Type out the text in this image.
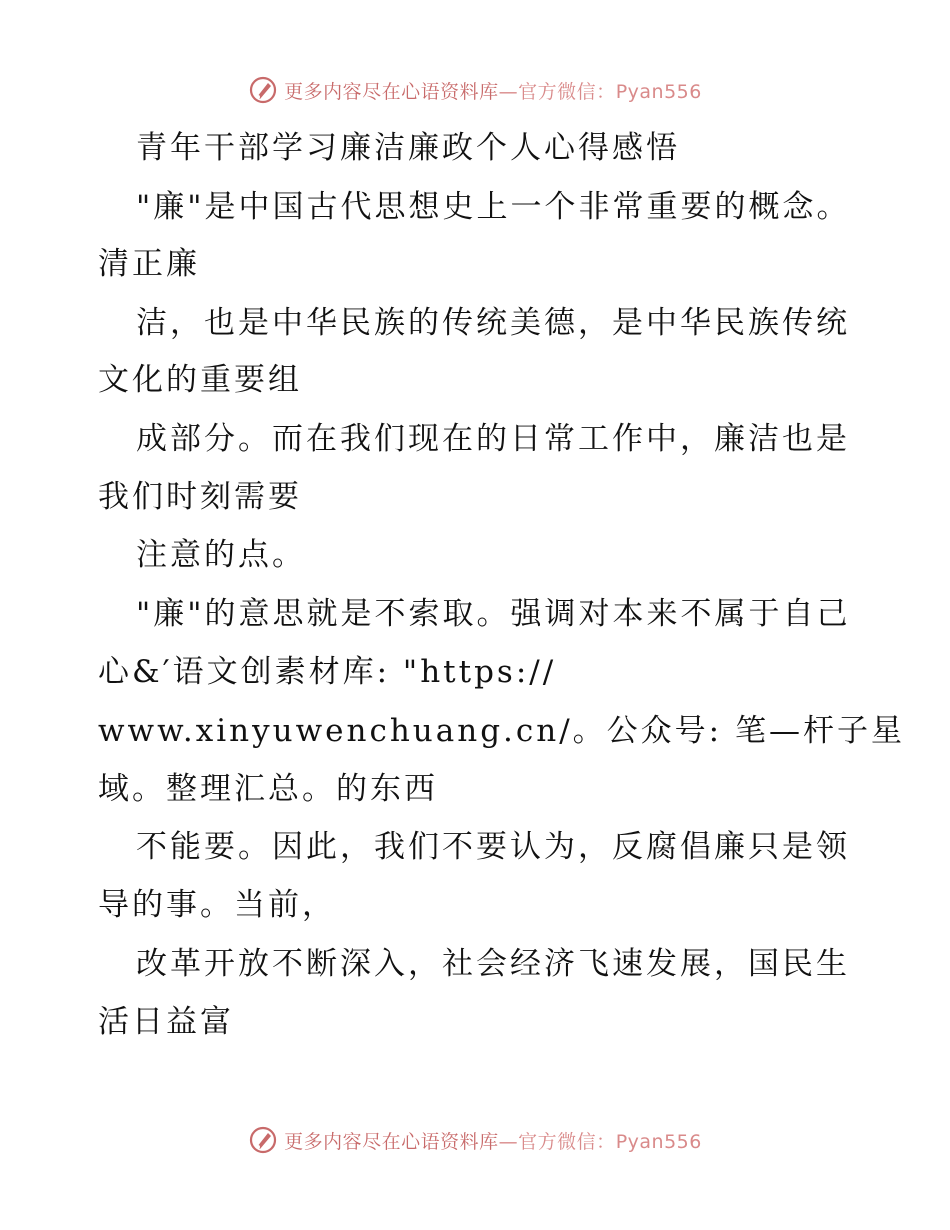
更多内容尽在心语资料库—官方微信：Pyan556
青年干部学习廉洁廉政个人心得感悟
"廉"是中国古代思想史上一个非常重要的概念。
清正廉
洁，也是中华民族的传统美德，是中华民族传统
文化的重要组
成部分。而在我们现在的日常工作中，廉洁也是
我们时刻需要
注意的点。
"廉"的意思就是不索取。强调对本来不属于自己
心&′语文创素材库: "https://
www.xinyuwenchuang.cn/。公众号: 笔—杆子星
域。整理汇总。的东西
不能要。因此，我们不要认为，反腐倡廉只是领
导的事。当前，
改革开放不断深入，社会经济飞速发展，国民生
活日益富
更多内容尽在心语资料库—官方微信：Pyan556
